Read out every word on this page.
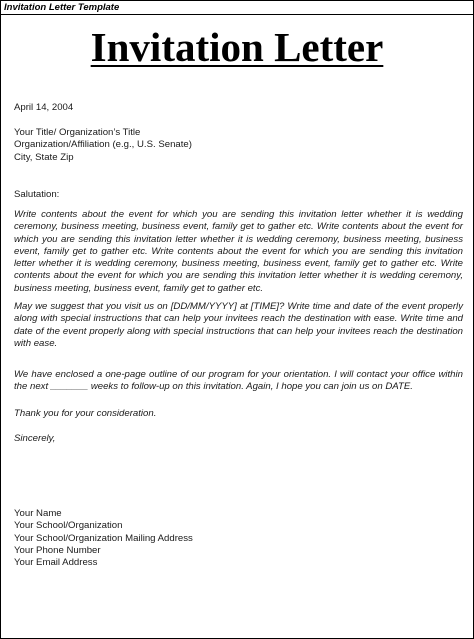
Invitation Letter Template
Invitation Letter

April 14, 2004

Your Title/ Organization’s Title
Organization/Affiliation (e.g., U.S. Senate)
City, State Zip

Salutation:

Write contents about the event for which you are sending this invitation letter whether it is wedding ceremony, business meeting, business event, family get to gather etc. Write contents about the event for which you are sending this invitation letter whether it is wedding ceremony, business meeting, business event, family get to gather etc. Write contents about the event for which you are sending this invitation letter whether it is wedding ceremony, business meeting, business event, family get to gather etc. Write contents about the event for which you are sending this invitation letter whether it is wedding ceremony, business meeting, business event, family get to gather etc.

May we suggest that you visit us on [DD/MM/YYYY] at [TIME]? Write time and date of the event properly along with special instructions that can help your invitees reach the destination with ease. Write time and date of the event properly along with special instructions that can help your invitees reach the destination with ease.

We have enclosed a one-page outline of our program for your orientation. I will contact your office within the next _______ weeks to follow-up on this invitation. Again, I hope you can join us on DATE.

Thank you for your consideration.

Sincerely,

Your Name
Your School/Organization
Your School/Organization Mailing Address
Your Phone Number
Your Email Address
